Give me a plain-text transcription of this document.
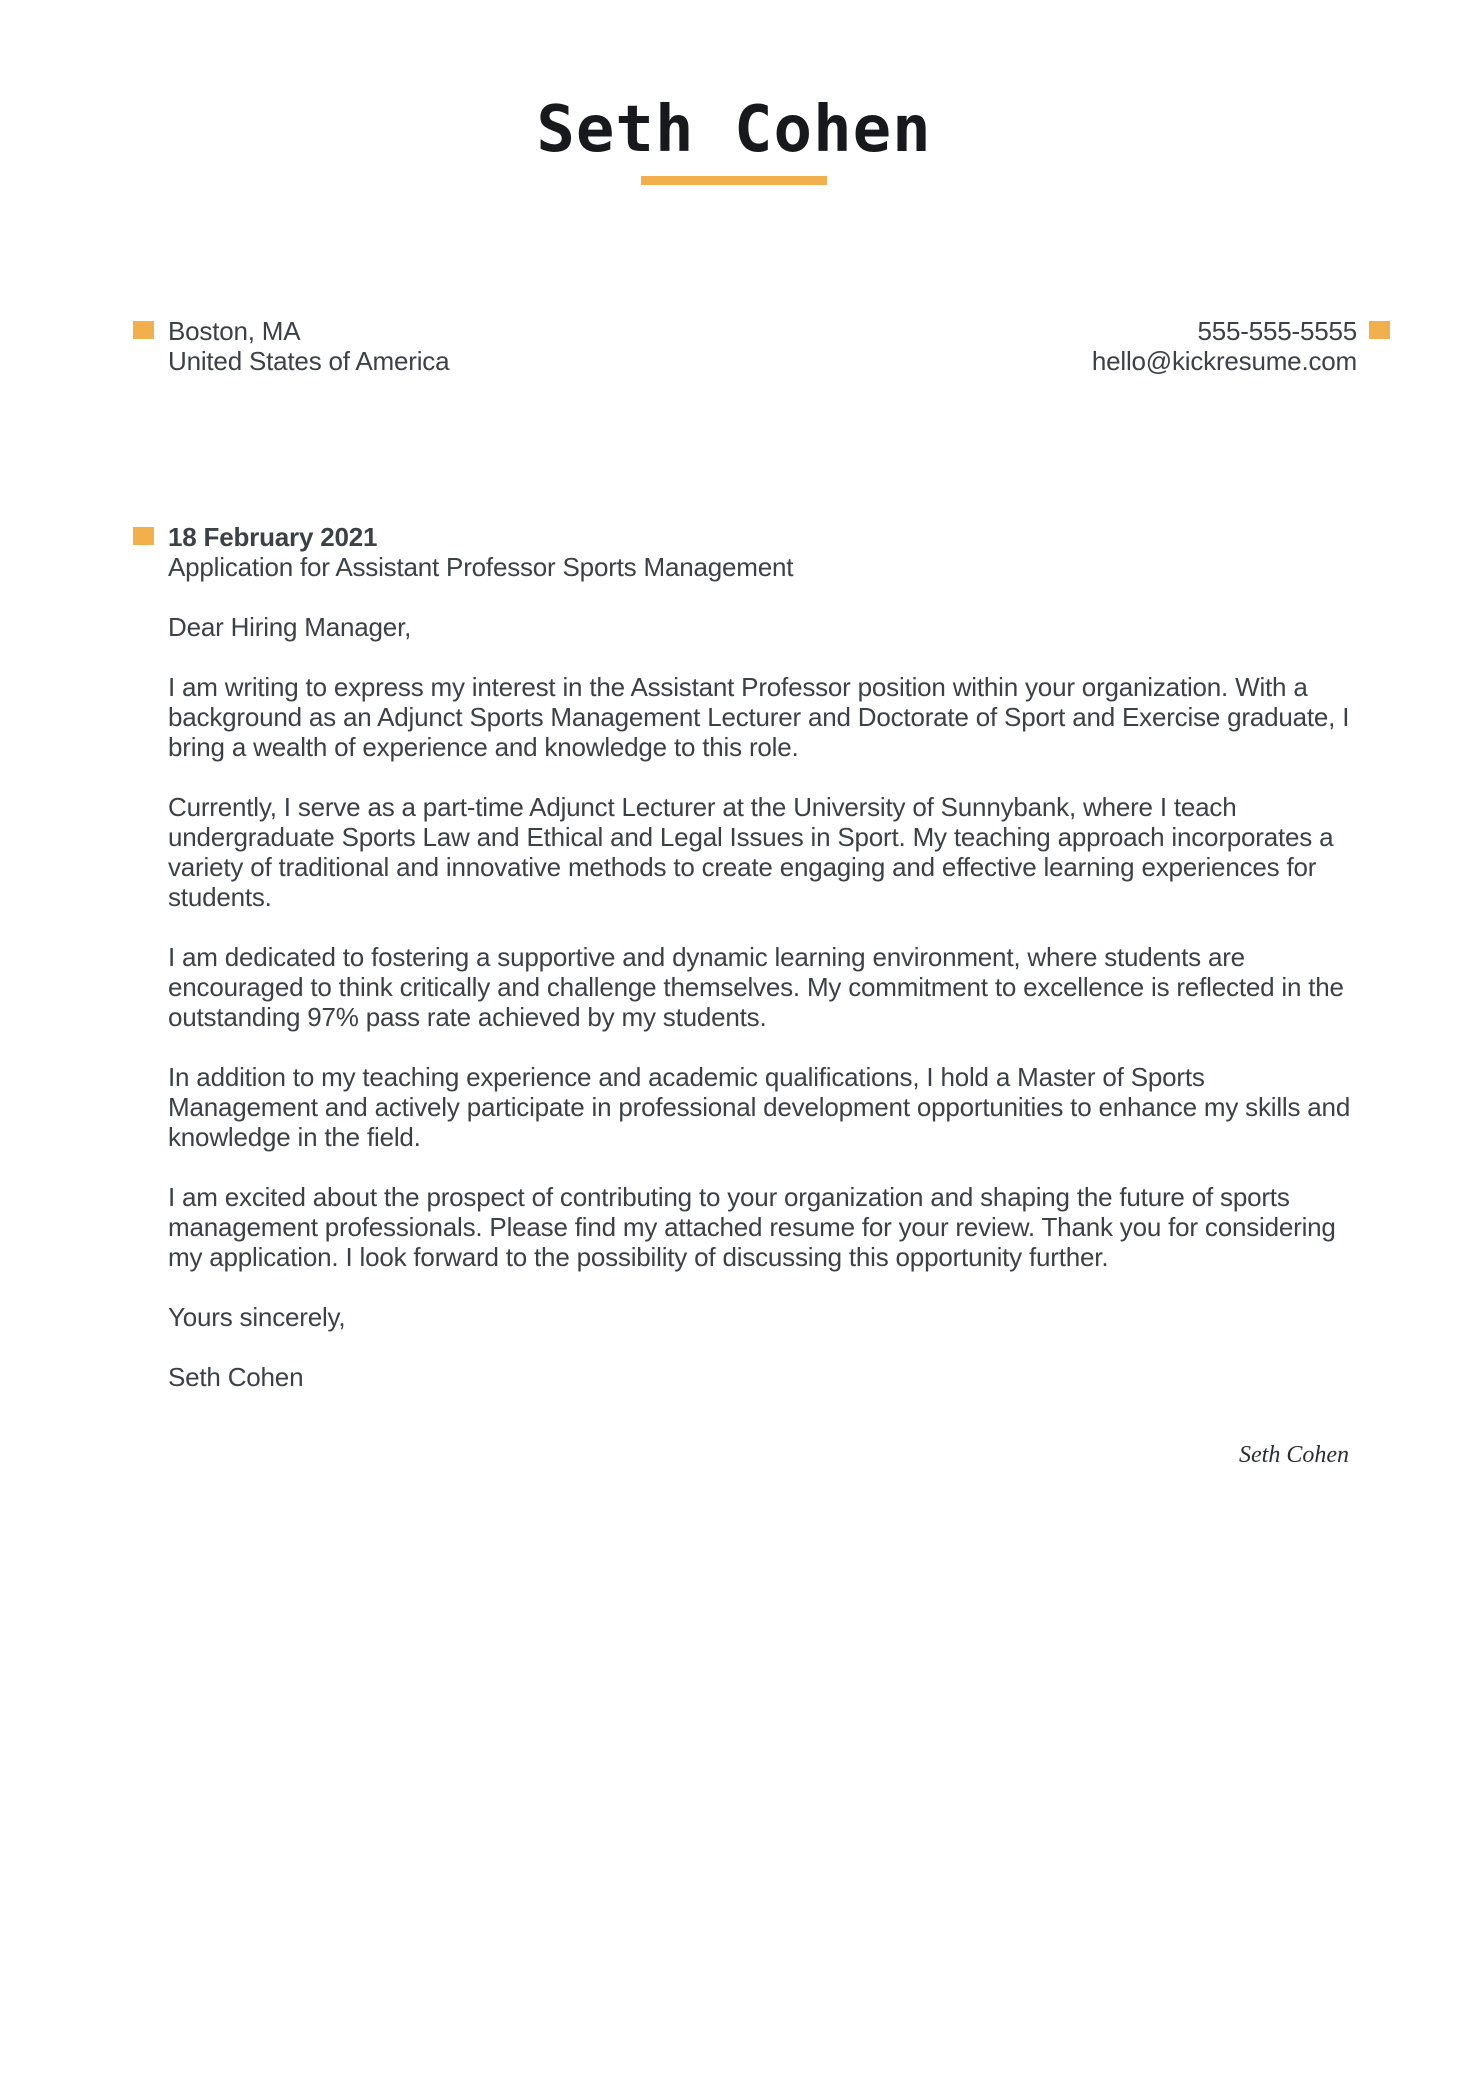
Seth Cohen
Boston, MA
United States of America
555-555-5555
hello@kickresume.com
18 February 2021
Application for Assistant Professor Sports Management

Dear Hiring Manager,

I am writing to express my interest in the Assistant Professor position within your organization. With a background as an Adjunct Sports Management Lecturer and Doctorate of Sport and Exercise graduate, I bring a wealth of experience and knowledge to this role.

Currently, I serve as a part-time Adjunct Lecturer at the University of Sunnybank, where I teach undergraduate Sports Law and Ethical and Legal Issues in Sport. My teaching approach incorporates a variety of traditional and innovative methods to create engaging and effective learning experiences for students.

I am dedicated to fostering a supportive and dynamic learning environment, where students are encouraged to think critically and challenge themselves. My commitment to excellence is reflected in the outstanding 97% pass rate achieved by my students.

In addition to my teaching experience and academic qualifications, I hold a Master of Sports Management and actively participate in professional development opportunities to enhance my skills and knowledge in the field.

I am excited about the prospect of contributing to your organization and shaping the future of sports management professionals. Please find my attached resume for your review. Thank you for considering my application. I look forward to the possibility of discussing this opportunity further.

Yours sincerely,

Seth Cohen

Seth Cohen
